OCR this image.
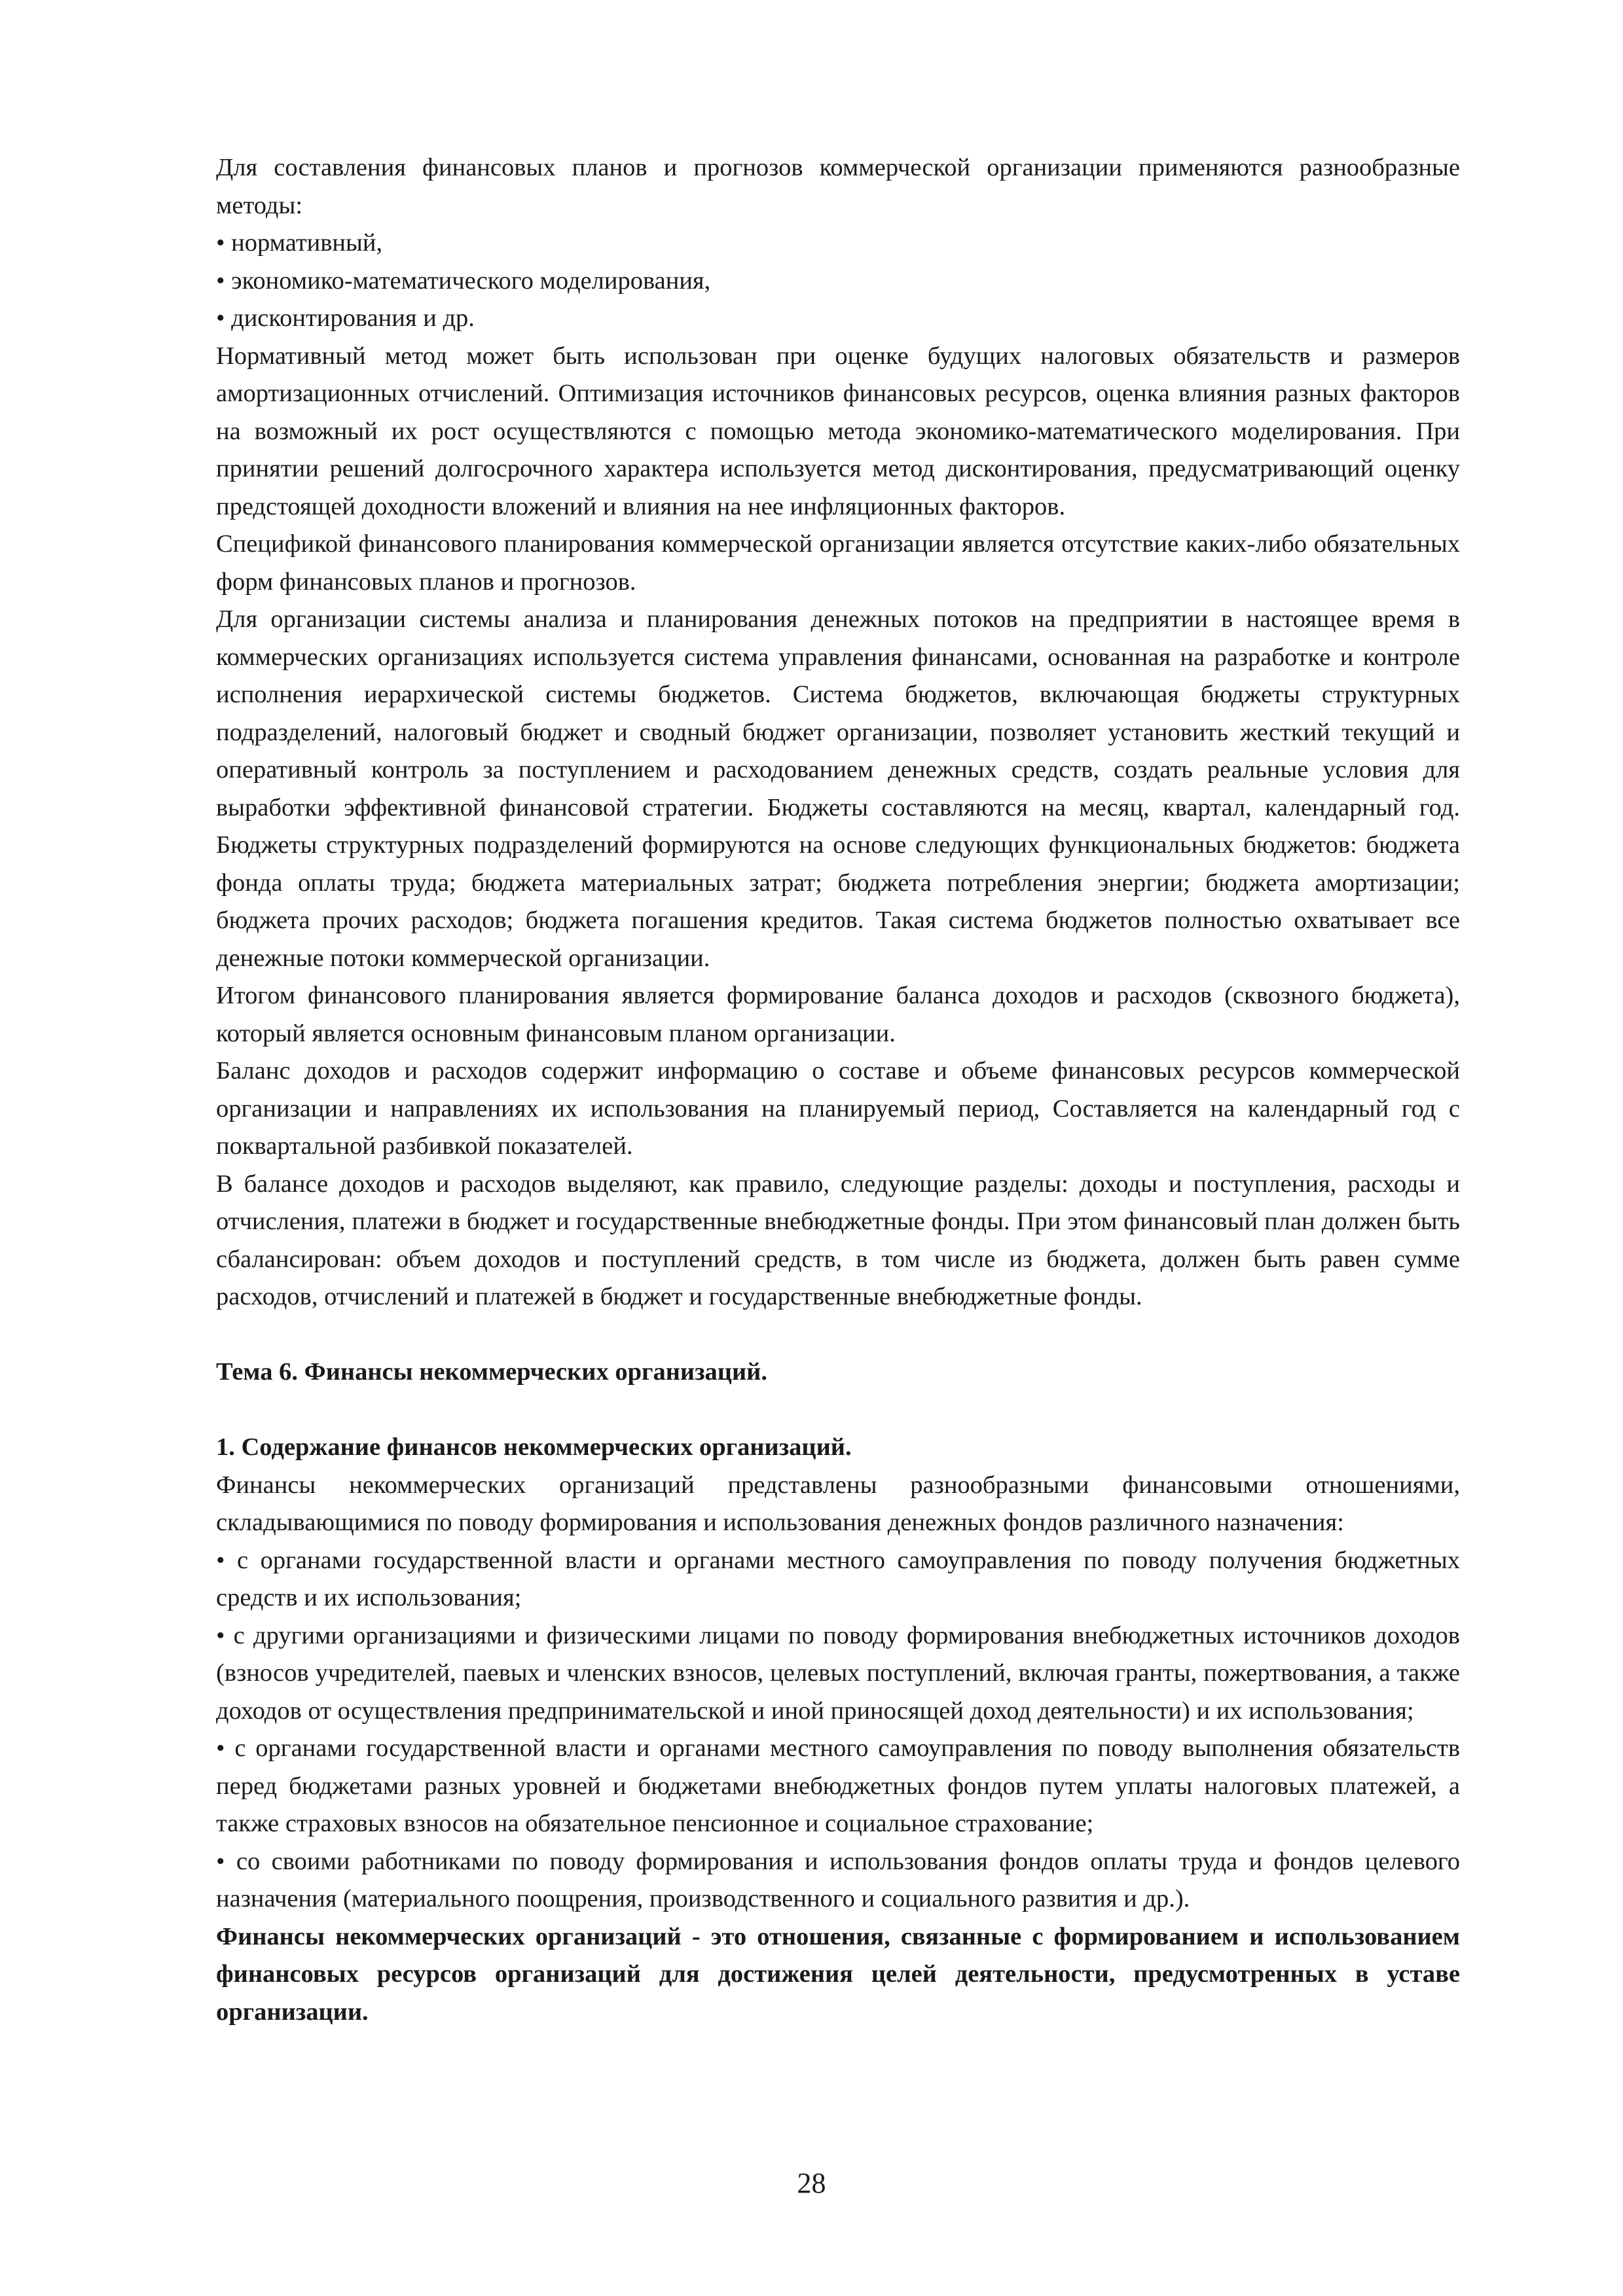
Для составления финансовых планов и прогнозов коммерческой организации применяются разнообразные методы:

• нормативный,

• экономико-математического моделирования,

• дисконтирования и др.

Нормативный метод может быть использован при оценке будущих налоговых обязательств и размеров амортизационных отчислений. Оптимизация источников финансовых ресурсов, оценка влияния разных факторов на возможный их рост осуществляются с помощью метода экономико-математического моделирования. При принятии решений долгосрочного характера используется метод дисконтирования, предусматривающий оценку предстоящей доходности вложений и влияния на нее инфляционных факторов.

Спецификой финансового планирования коммерческой организации является отсутствие каких-либо обязательных форм финансовых планов и прогнозов.

Для организации системы анализа и планирования денежных потоков на предприятии в настоящее время в коммерческих организациях используется система управления финансами, основанная на разработке и контроле исполнения иерархической системы бюджетов. Система бюджетов, включающая бюджеты структурных подразделений, налоговый бюджет и сводный бюджет организации, позволяет установить жесткий текущий и оперативный контроль за поступлением и расходованием денежных средств, создать реальные условия для выработки эффективной финансовой стратегии. Бюджеты составляются на месяц, квартал, календарный год. Бюджеты структурных подразделений формируются на основе следующих функциональных бюджетов: бюджета фонда оплаты труда; бюджета материальных затрат; бюджета потребления энергии; бюджета амортизации; бюджета прочих расходов; бюджета погашения кредитов. Такая система бюджетов полностью охватывает все денежные потоки коммерческой организации.

Итогом финансового планирования является формирование баланса доходов и расходов (сквозного бюджета), который является основным финансовым планом организации.

Баланс доходов и расходов содержит информацию о составе и объеме финансовых ресурсов коммерческой организации и направлениях их использования на планируемый период, Составляется на календарный год с поквартальной разбивкой показателей.

В балансе доходов и расходов выделяют, как правило, следующие разделы: доходы и поступления, расходы и отчисления, платежи в бюджет и государственные внебюджетные фонды. При этом финансовый план должен быть сбалансирован: объем доходов и поступлений средств, в том числе из бюджета, должен быть равен сумме расходов, отчислений и платежей в бюджет и государственные внебюджетные фонды.

Тема 6. Финансы некоммерческих организаций.

1. Содержание финансов некоммерческих организаций.

Финансы некоммерческих организаций представлены разнообразными финансовыми отношениями, складывающимися по поводу формирования и использования денежных фондов различного назначения:

• с органами государственной власти и органами местного самоуправления по поводу получения бюджетных средств и их использования;

• с другими организациями и физическими лицами по поводу формирования внебюджетных источников доходов (взносов учредителей, паевых и членских взносов, целевых поступлений, включая гранты, пожертвования, а также доходов от осуществления предпринимательской и иной приносящей доход деятельности) и их использования;

• с органами государственной власти и органами местного самоуправления по поводу выполнения обязательств перед бюджетами разных уровней и бюджетами внебюджетных фондов путем уплаты налоговых платежей, а также страховых взносов на обязательное пенсионное и социальное страхование;

• со своими работниками по поводу формирования и использования фондов оплаты труда и фондов целевого назначения (материального поощрения, производственного и социального развития и др.).

Финансы некоммерческих организаций - это отношения, связанные с формированием и использованием финансовых ресурсов организаций для достижения целей деятельности, предусмотренных в уставе организации.

28
